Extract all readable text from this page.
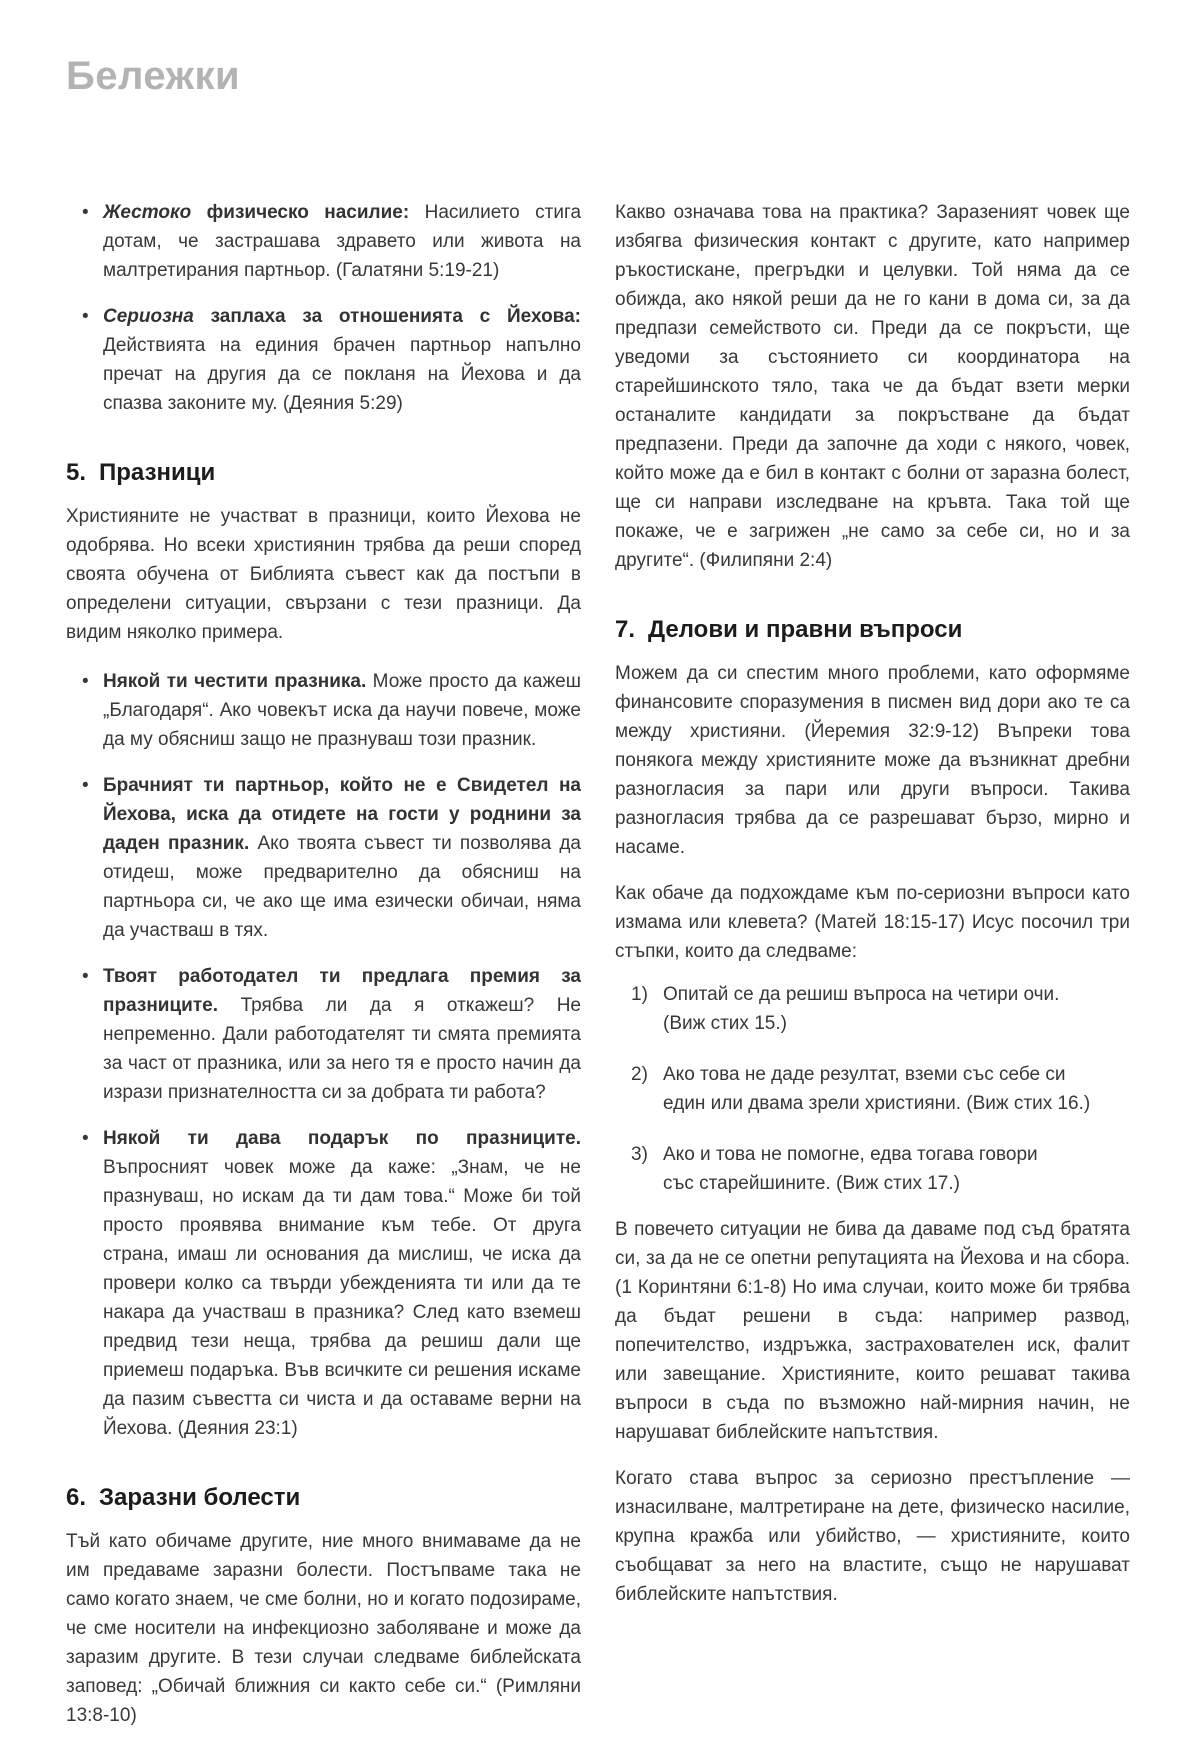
Бележки
• Жестоко физическо насилие: Насилието стига дотам, че застрашава здравето или живота на малтретирания партньор. (Галатяни 5:19-21)
• Сериозна заплаха за отношенията с Йехова: Действията на единия брачен партньор напълно пречат на другия да се покланя на Йехова и да спазва законите му. (Деяния 5:29)
5. Празници

Християните не участват в празници, които Йехова не одобрява. Но всеки християнин трябва да реши според своята обучена от Библията съвест как да постъпи в определени ситуации, свързани с тези празници. Да видим няколко примера.

• Някой ти честити празника. Може просто да кажеш „Благодаря“. Ако човекът иска да научи повече, може да му обясниш защо не празнуваш този празник.
• Брачният ти партньор, който не е Свидетел на Йехова, иска да отидете на гости у роднини за даден празник. Ако твоята съвест ти позволява да отидеш, може предварително да обясниш на партньора си, че ако ще има езически обичаи, няма да участваш в тях.
• Твоят работодател ти предлага премия за празниците. Трябва ли да я откажеш? Не непременно. Дали работодателят ти смята премията за част от празника, или за него тя е просто начин да изрази признателността си за добрата ти работа?
• Някой ти дава подарък по празниците. Въпросният човек може да каже: „Знам, че не празнуваш, но искам да ти дам това.“ Може би той просто проявява внимание към тебе. От друга страна, имаш ли основания да мислиш, че иска да провери колко са твърди убежденията ти или да те накара да участваш в празника? След като вземеш предвид тези неща, трябва да решиш дали ще приемеш подаръка. Във всичките си решения искаме да пазим съвестта си чиста и да оставаме верни на Йехова. (Деяния 23:1)
6. Заразни болести

Тъй като обичаме другите, ние много внимаваме да не им предаваме заразни болести. Постъпваме така не само когато знаем, че сме болни, но и когато подозираме, че сме носители на инфекциозно заболяване и може да заразим другите. В тези случаи следваме библейската заповед: „Обичай ближния си както себе си.“ (Римляни 13:8-10)

Какво означава това на практика? Заразеният човек ще избягва физическия контакт с другите, като например ръкостискане, прегръдки и целувки. Той няма да се обижда, ако някой реши да не го кани в дома си, за да предпази семейството си. Преди да се покръсти, ще уведоми за състоянието си координатора на старейшинското тяло, така че да бъдат взети мерки останалите кандидати за покръстване да бъдат предпазени. Преди да започне да ходи с някого, човек, който може да е бил в контакт с болни от заразна болест, ще си направи изследване на кръвта. Така той ще покаже, че е загрижен „не само за себе си, но и за другите“. (Филипяни 2:4)

7. Делови и правни въпроси

Можем да си спестим много проблеми, като оформяме финансовите споразумения в писмен вид дори ако те са между християни. (Йеремия 32:9-12) Въпреки това понякога между християните може да възникнат дребни разногласия за пари или други въпроси. Такива разногласия трябва да се разрешават бързо, мирно и насаме.

Как обаче да подхождаме към по-сериозни въпроси като измама или клевета? (Матей 18:15-17) Исус посочил три стъпки, които да следваме:

1) Опитай се да решиш въпроса на четири очи.
(Виж стих 15.)
2) Ако това не даде резултат, вземи със себе си
един или двама зрели християни. (Виж стих 16.)
3) Ако и това не помогне, едва тогава говори
със старейшините. (Виж стих 17.)

В повечето ситуации не бива да даваме под съд братята си, за да не се опетни репутацията на Йехова и на сбора. (1 Коринтяни 6:1-8) Но има случаи, които може би трябва да бъдат решени в съда: например развод, попечителство, издръжка, застрахователен иск, фалит или завещание. Християните, които решават такива въпроси в съда по възможно най-мирния начин, не нарушават библейските напътствия.

Когато става въпрос за сериозно престъпление — изнасилване, малтретиране на дете, физическо насилие, крупна кражба или убийство, — християните, които съобщават за него на властите, също не нарушават библейските напътствия.
